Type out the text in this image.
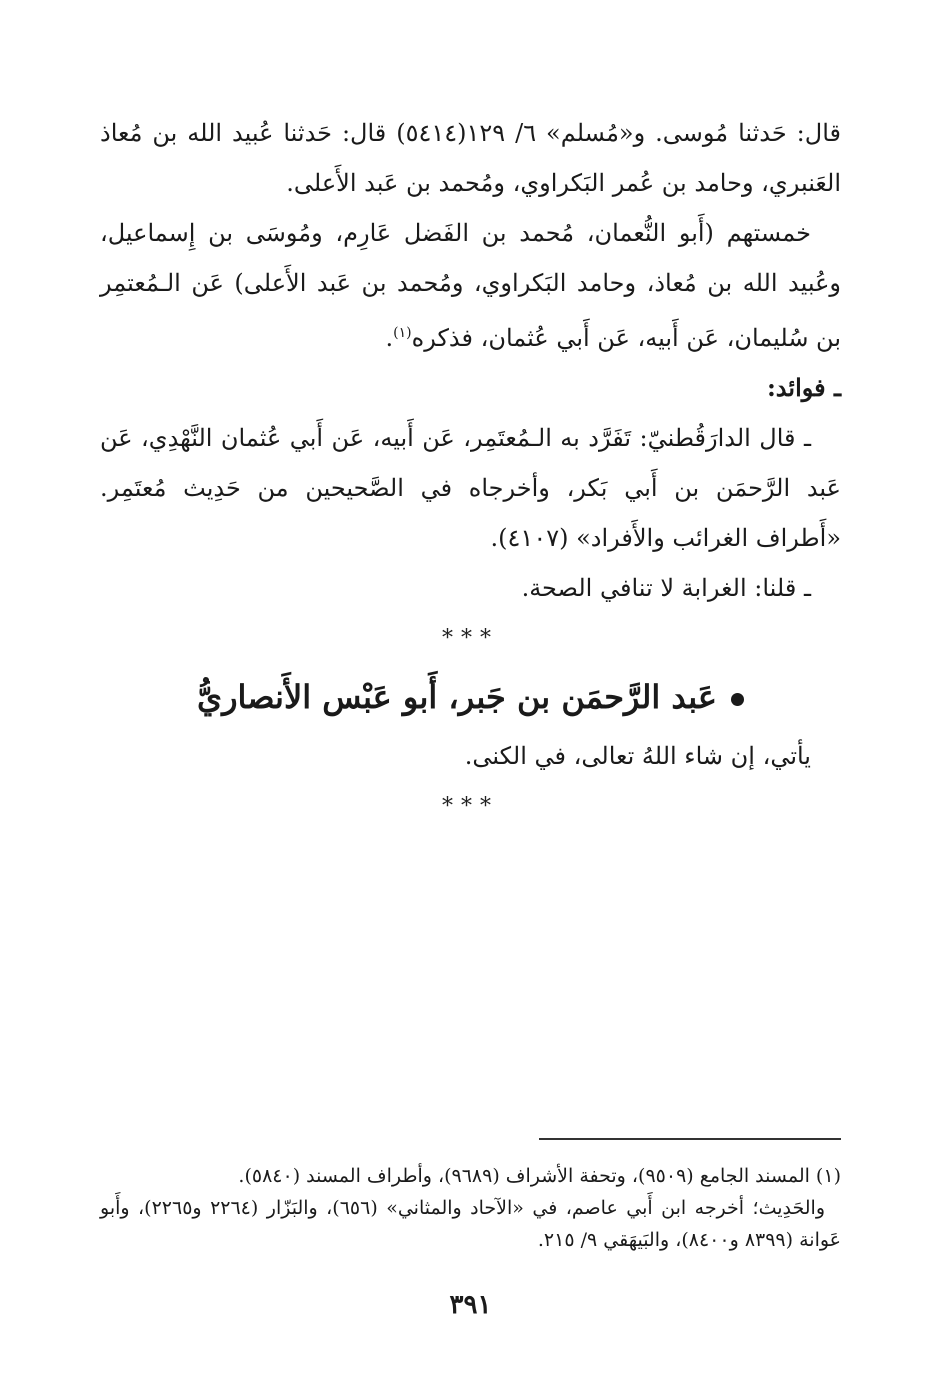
قال: حَدثنا مُوسى. و«مُسلم» ٦/ ١٢٩(٥٤١٤) قال: حَدثنا عُبيد الله بن مُعاذ العَنبري، وحامد بن عُمر البَكراوي، ومُحمد بن عَبد الأَعلى.

خمستهم (أَبو النُّعمان، مُحمد بن الفَضل عَارِم، ومُوسَى بن إِسماعيل، وعُبيد الله بن مُعاذ، وحامد البَكراوي، ومُحمد بن عَبد الأَعلى) عَن الـمُعتمِر بن سُليمان، عَن أَبيه، عَن أَبي عُثمان، فذكره$^{(١)}$.

ـ فوائد:

ـ قال الدارَقُطنيّ: تَفَرَّد به الـمُعتَمِر، عَن أَبيه، عَن أَبي عُثمان النَّهْدِي، عَن عَبد الرَّحمَن بن أَبي بَكر، وأخرجاه في الصَّحيحين من حَدِيث مُعتَمِر. «أَطراف الغرائب والأَفراد» (٤١٠٧).

ـ قلنا: الغرابة لا تنافي الصحة.

***
عَبد الرَّحمَن بن جَبر، أَبو عَبْس الأَنصاريُّ

يأتي، إن شاء اللهُ تعالى، في الكنى.

***

(١) المسند الجامع (٩٥٠٩)، وتحفة الأشراف (٩٦٨٩)، وأطراف المسند (٥٨٤٠).

والحَدِيث؛ أخرجه ابن أَبي عاصم، في «الآحاد والمثاني» (٦٥٦)، والبَزّار (٢٢٦٤ و٢٢٦٥)، وأَبو عَوانة (٨٣٩٩ و٨٤٠٠)، والبَيهَقي ٩/ ٢١٥.

٣٩١
